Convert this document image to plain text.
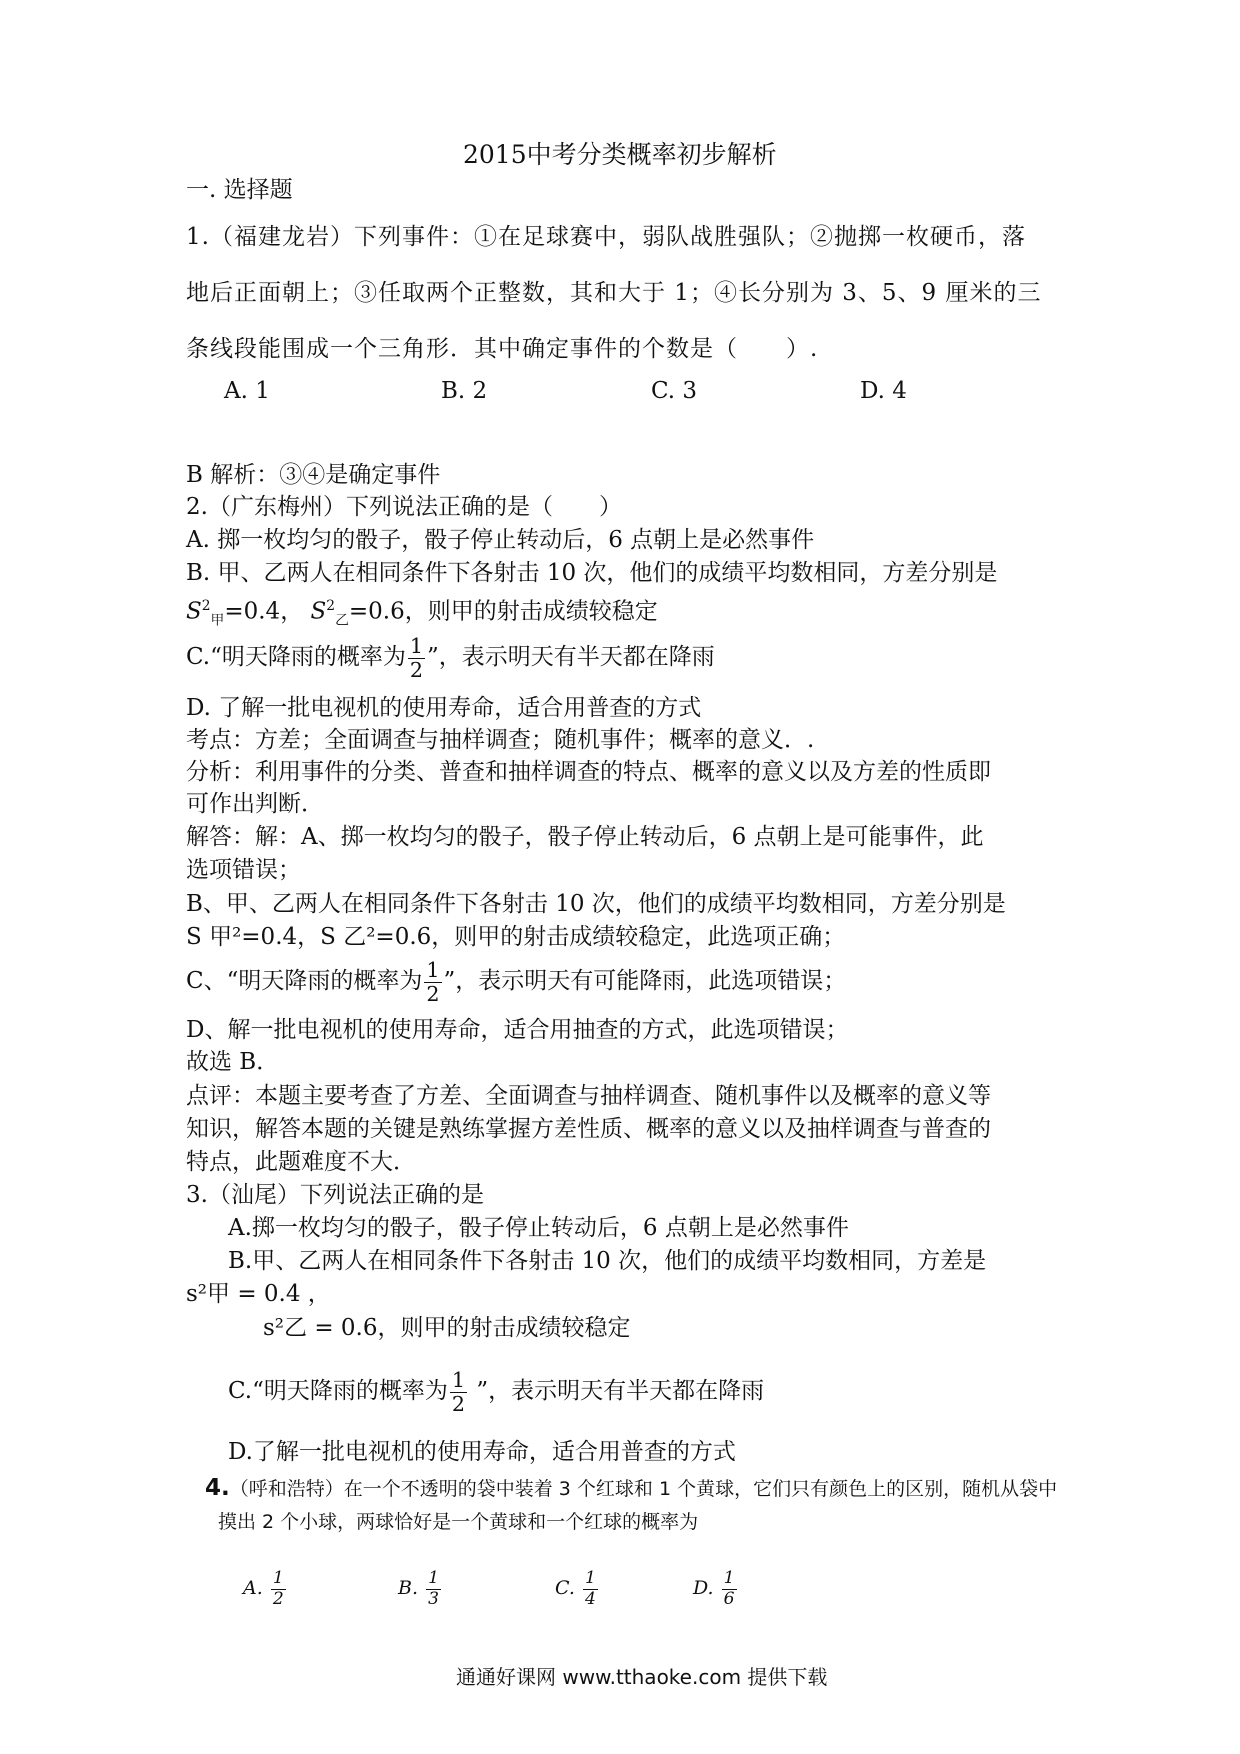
2015中考分类概率初步解析
一. 选择题
1.（福建龙岩）下列事件：①在足球赛中，弱队战胜强队；②抛掷一枚硬币，落
地后正面朝上；③任取两个正整数，其和大于 1；④长分别为 3、5、9 厘米的三
条线段能围成一个三角形．其中确定事件的个数是（　　）.
A. 1	B. 2	C. 3	D. 4
B 解析：③④是确定事件
2.（广东梅州）下列说法正确的是（　　）
A. 掷一枚均匀的骰子，骰子停止转动后，6 点朝上是必然事件
B. 甲、乙两人在相同条件下各射击 10 次，他们的成绩平均数相同，方差分别是
$S^2_甲=0.4$， $S^2_乙=0.6$，则甲的射击成绩较稳定
C.“明天降雨的概率为 $\frac{1}{2}$ ”，表示明天有半天都在降雨
D. 了解一批电视机的使用寿命，适合用普查的方式
考点：方差；全面调查与抽样调查；随机事件；概率的意义．.
分析：利用事件的分类、普查和抽样调查的特点、概率的意义以及方差的性质即
可作出判断．
解答：解：A、掷一枚均匀的骰子，骰子停止转动后，6 点朝上是可能事件，此
选项错误；
B、甲、乙两人在相同条件下各射击 10 次，他们的成绩平均数相同，方差分别是
S 甲²=0.4，S 乙²=0.6，则甲的射击成绩较稳定，此选项正确；
C、“明天降雨的概率为 $\frac{1}{2}$ ”，表示明天有可能降雨，此选项错误；
D、解一批电视机的使用寿命，适合用抽查的方式，此选项错误；
故选 B．
点评：本题主要考查了方差、全面调查与抽样调查、随机事件以及概率的意义等
知识，解答本题的关键是熟练掌握方差性质、概率的意义以及抽样调查与普查的
特点，此题难度不大．
3.（汕尾）下列说法正确的是
A.掷一枚均匀的骰子，骰子停止转动后，6 点朝上是必然事件
B.甲、乙两人在相同条件下各射击 10 次，他们的成绩平均数相同，方差是
s²甲 = 0.4 ，
s²乙 = 0.6，则甲的射击成绩较稳定
C.“明天降雨的概率为 $\frac{1}{2}$ ”，表示明天有半天都在降雨
D.了解一批电视机的使用寿命，适合用普查的方式
4.（呼和浩特）在一个不透明的袋中装着 3 个红球和 1 个黄球，它们只有颜色上的区别，随机从袋中
摸出 2 个小球，两球恰好是一个黄球和一个红球的概率为
A. $\frac{1}{2}$	B. $\frac{1}{3}$	C. $\frac{1}{4}$	D. $\frac{1}{6}$
通通好课网 www.tthaoke.com 提供下载
